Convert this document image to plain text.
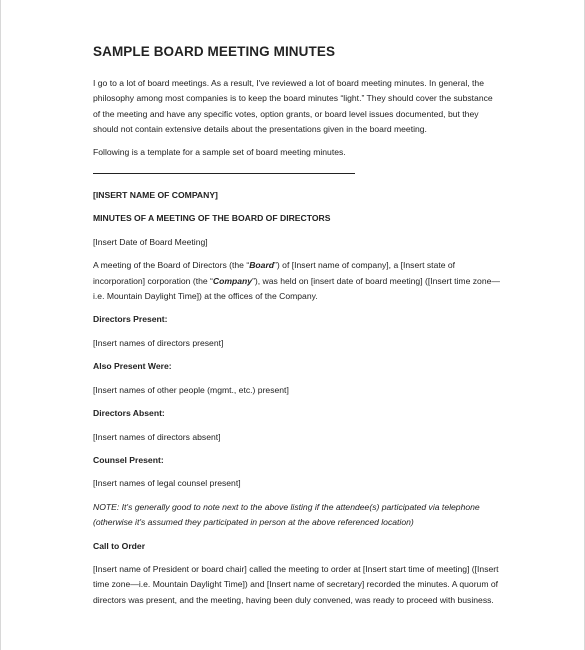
SAMPLE BOARD MEETING MINUTES

I go to a lot of board meetings. As a result, I've reviewed a lot of board meeting minutes. In general, the philosophy among most companies is to keep the board minutes “light.” They should cover the substance of the meeting and have any specific votes, option grants, or board level issues documented, but they should not contain extensive details about the presentations given in the board meeting.

Following is a template for a sample set of board meeting minutes.

[INSERT NAME OF COMPANY]

MINUTES OF A MEETING OF THE BOARD OF DIRECTORS

[Insert Date of Board Meeting]

A meeting of the Board of Directors (the “Board”) of [Insert name of company], a [Insert state of incorporation] corporation (the “Company”), was held on [insert date of board meeting] ([Insert time zone—i.e. Mountain Daylight Time]) at the offices of the Company.

Directors Present:

[Insert names of directors present]

Also Present Were:

[Insert names of other people (mgmt., etc.) present]

Directors Absent:

[Insert names of directors absent]

Counsel Present:

[Insert names of legal counsel present]

NOTE: It's generally good to note next to the above listing if the attendee(s) participated via telephone (otherwise it's assumed they participated in person at the above referenced location)

Call to Order

[Insert name of President or board chair] called the meeting to order at [Insert start time of meeting] ([Insert time zone—i.e. Mountain Daylight Time]) and [Insert name of secretary] recorded the minutes. A quorum of directors was present, and the meeting, having been duly convened, was ready to proceed with business.
